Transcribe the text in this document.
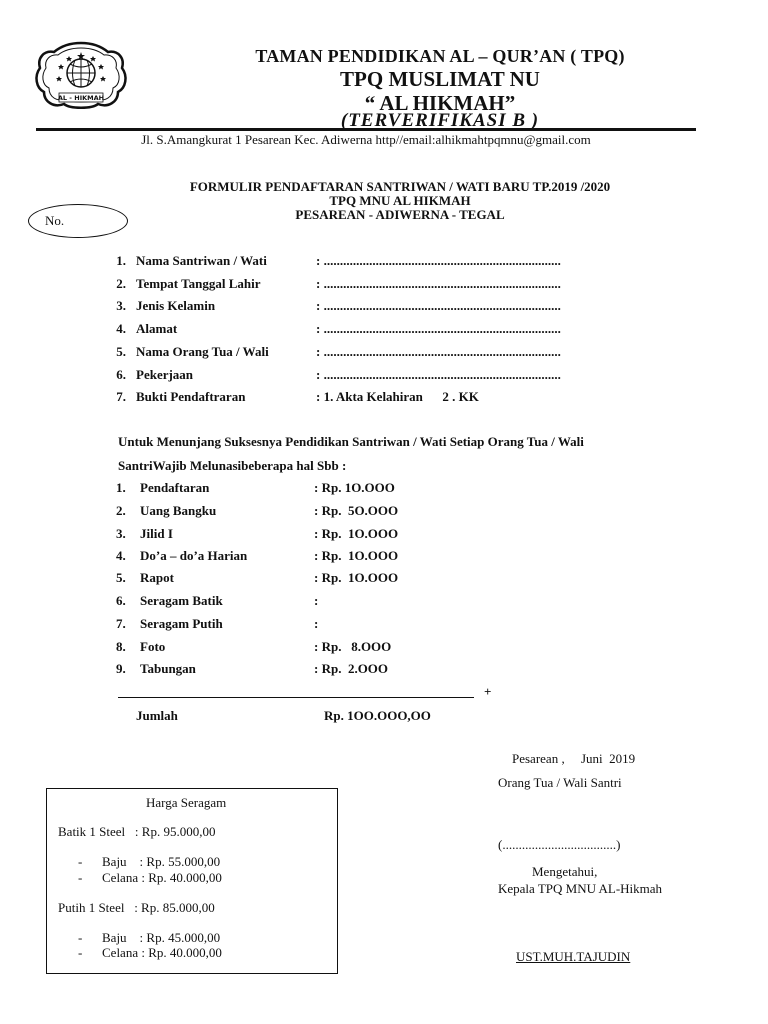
AL - HIKMAH
TAMAN PENDIDIKAN AL – QUR’AN ( TPQ)
TPQ MUSLIMAT NU
“ AL HIKMAH”
(TERVERIFIKASI B )
Jl. S.Amangkurat 1 Pesarean Kec. Adiwerna http//email:alhikmahtpqmnu@gmail.com
FORMULIR PENDAFTARAN SANTRIWAN / WATI BARU TP.2019 /2020
TPQ MNU AL HIKMAH
PESAREAN - ADIWERNA - TEGAL
No.
1. Nama Santriwan / Wati	: .........................................................................
2. Tempat Tanggal Lahir	: .........................................................................
3. Jenis Kelamin	: .........................................................................
4. Alamat	: .........................................................................
5. Nama Orang Tua / Wali	: .........................................................................
6. Pekerjaan	: .........................................................................
7. Bukti Pendaftraran	: 1. Akta Kelahiran      2 . KK
Untuk Menunjang Suksesnya Pendidikan Santriwan / Wati Setiap Orang Tua / Wali
SantriWajib Melunasibeberapa hal Sbb :
1. Pendaftaran	: Rp. 1O.OOO
2. Uang Bangku	: Rp.  5O.OOO
3. Jilid I	: Rp.  1O.OOO
4. Do’a – do’a Harian	: Rp.  1O.OOO
5. Rapot	: Rp.  1O.OOO
6. Seragam Batik	:
7. Seragam Putih	:
8. Foto	: Rp.   8.OOO
9. Tabungan	: Rp.  2.OOO
+
Jumlah	Rp. 1OO.OOO,OO
Harga Seragam
Batik 1 Steel   : Rp. 95.000,00
- Baju    : Rp. 55.000,00
- Celana : Rp. 40.000,00
Putih 1 Steel   : Rp. 85.000,00
- Baju    : Rp. 45.000,00
- Celana : Rp. 40.000,00
Pesarean ,     Juni  2019
Orang Tua / Wali Santri
(...................................)
Mengetahui,
Kepala TPQ MNU AL-Hikmah
UST.MUH.TAJUDIN
